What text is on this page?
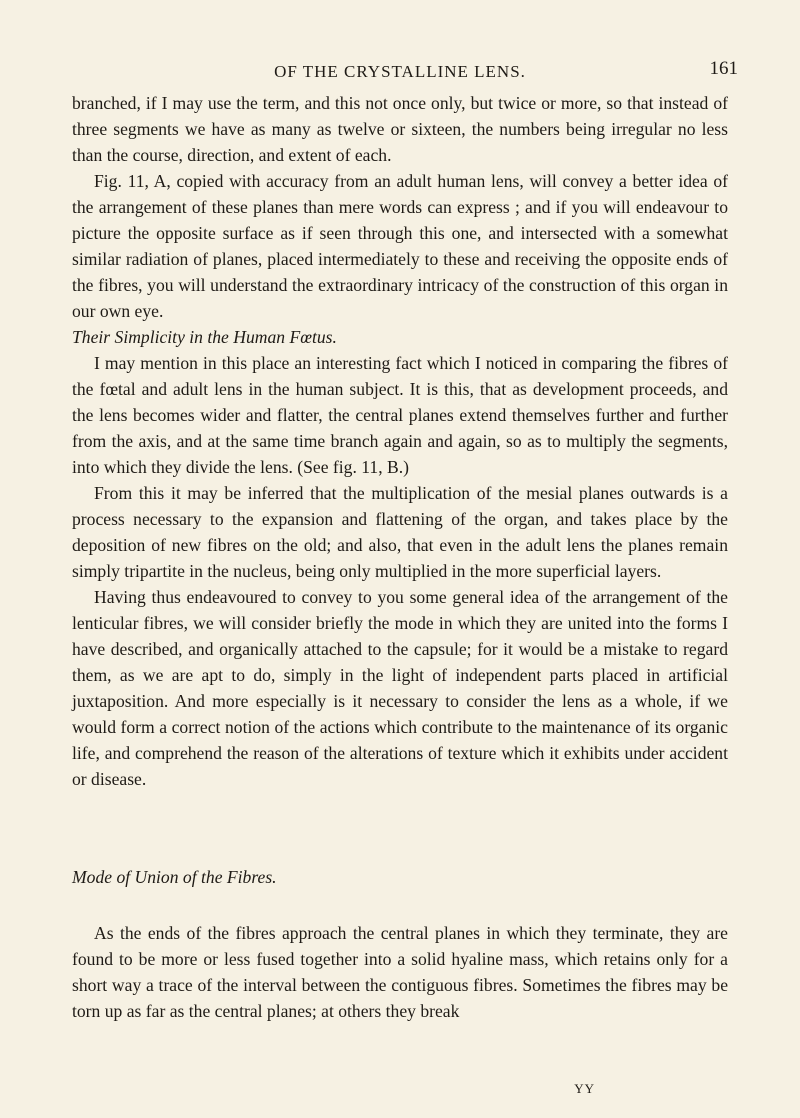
OF THE CRYSTALLINE LENS.	161

branched, if I may use the term, and this not once only, but twice or more, so that instead of three segments we have as many as twelve or sixteen, the numbers being irregular no less than the course, direction, and extent of each.

Fig. 11, A, copied with accuracy from an adult human lens, will convey a better idea of the arrangement of these planes than mere words can express ; and if you will endeavour to picture the opposite surface as if seen through this one, and intersected with a somewhat similar radiation of planes, placed intermediately to these and receiving the opposite ends of the fibres, you will understand the extraordinary intricacy of the construction of this organ in our own eye.

Their Simplicity in the Human Fœtus.

I may mention in this place an interesting fact which I noticed in comparing the fibres of the fœtal and adult lens in the human subject. It is this, that as development proceeds, and the lens becomes wider and flatter, the central planes extend themselves further and further from the axis, and at the same time branch again and again, so as to multiply the segments, into which they divide the lens. (See fig. 11, B.)

From this it may be inferred that the multiplication of the mesial planes outwards is a process necessary to the expansion and flattening of the organ, and takes place by the deposition of new fibres on the old; and also, that even in the adult lens the planes remain simply tripartite in the nucleus, being only multiplied in the more superficial layers.

Having thus endeavoured to convey to you some general idea of the arrangement of the lenticular fibres, we will consider briefly the mode in which they are united into the forms I have described, and organically attached to the capsule; for it would be a mistake to regard them, as we are apt to do, simply in the light of independent parts placed in artificial juxtaposition. And more especially is it necessary to consider the lens as a whole, if we would form a correct notion of the actions which contribute to the maintenance of its organic life, and comprehend the reason of the alterations of texture which it exhibits under accident or disease.

Mode of Union of the Fibres.

As the ends of the fibres approach the central planes in which they terminate, they are found to be more or less fused together into a solid hyaline mass, which retains only for a short way a trace of the interval between the contiguous fibres. Sometimes the fibres may be torn up as far as the central planes; at others they break

YY
